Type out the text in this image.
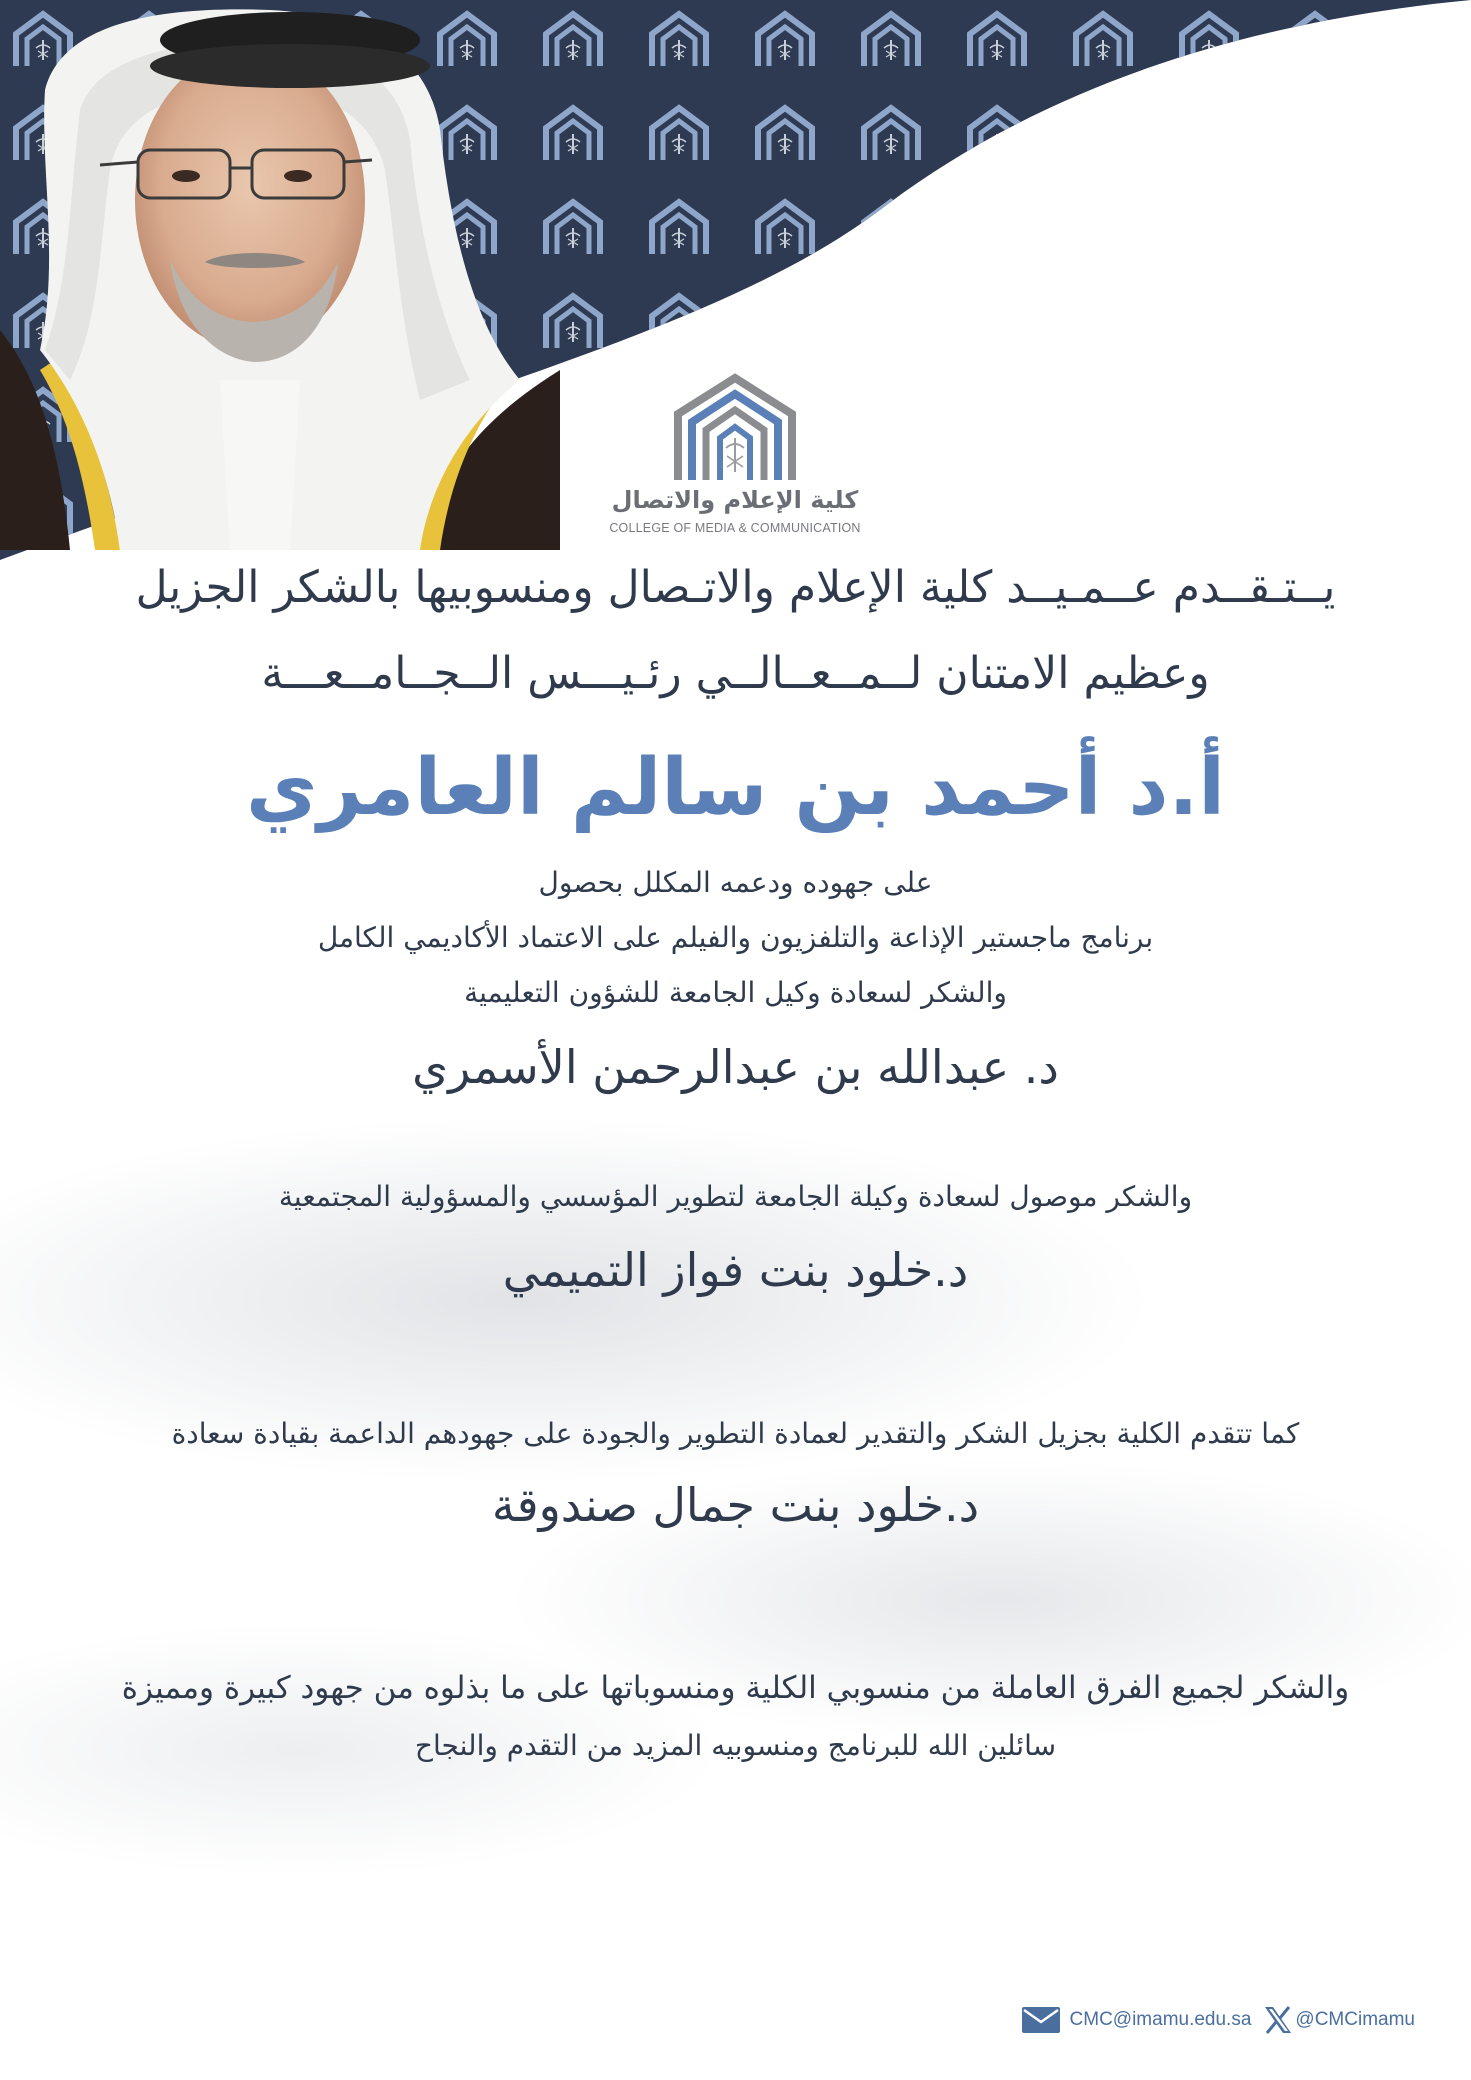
كلية الإعلام والاتصال
COLLEGE OF MEDIA & COMMUNICATION
يــتـقــدم عــمـيــد كلية الإعلام والاتـصال ومنسوبيها بالشكر الجزيل
وعظيم الامتنان لــمــعــالــي رئـيـــس الــجــامــعـــة
أ.د أحمد بن سالم العامري
على جهوده ودعمه المكلل بحصول
برنامج ماجستير الإذاعة والتلفزيون والفيلم على الاعتماد الأكاديمي الكامل
والشكر لسعادة وكيل الجامعة للشؤون التعليمية
د. عبدالله بن عبدالرحمن الأسمري
والشكر موصول لسعادة وكيلة الجامعة لتطوير المؤسسي والمسؤولية المجتمعية
د.خلود بنت فواز التميمي
كما تتقدم الكلية بجزيل الشكر والتقدير لعمادة التطوير والجودة على جهودهم الداعمة بقيادة سعادة
د.خلود بنت جمال صندوقة
والشكر لجميع الفرق العاملة من منسوبي الكلية ومنسوباتها على ما بذلوه من جهود كبيرة ومميزة
سائلين الله للبرنامج ومنسوبيه المزيد من التقدم والنجاح
CMC@imamu.edu.sa @CMCimamu
